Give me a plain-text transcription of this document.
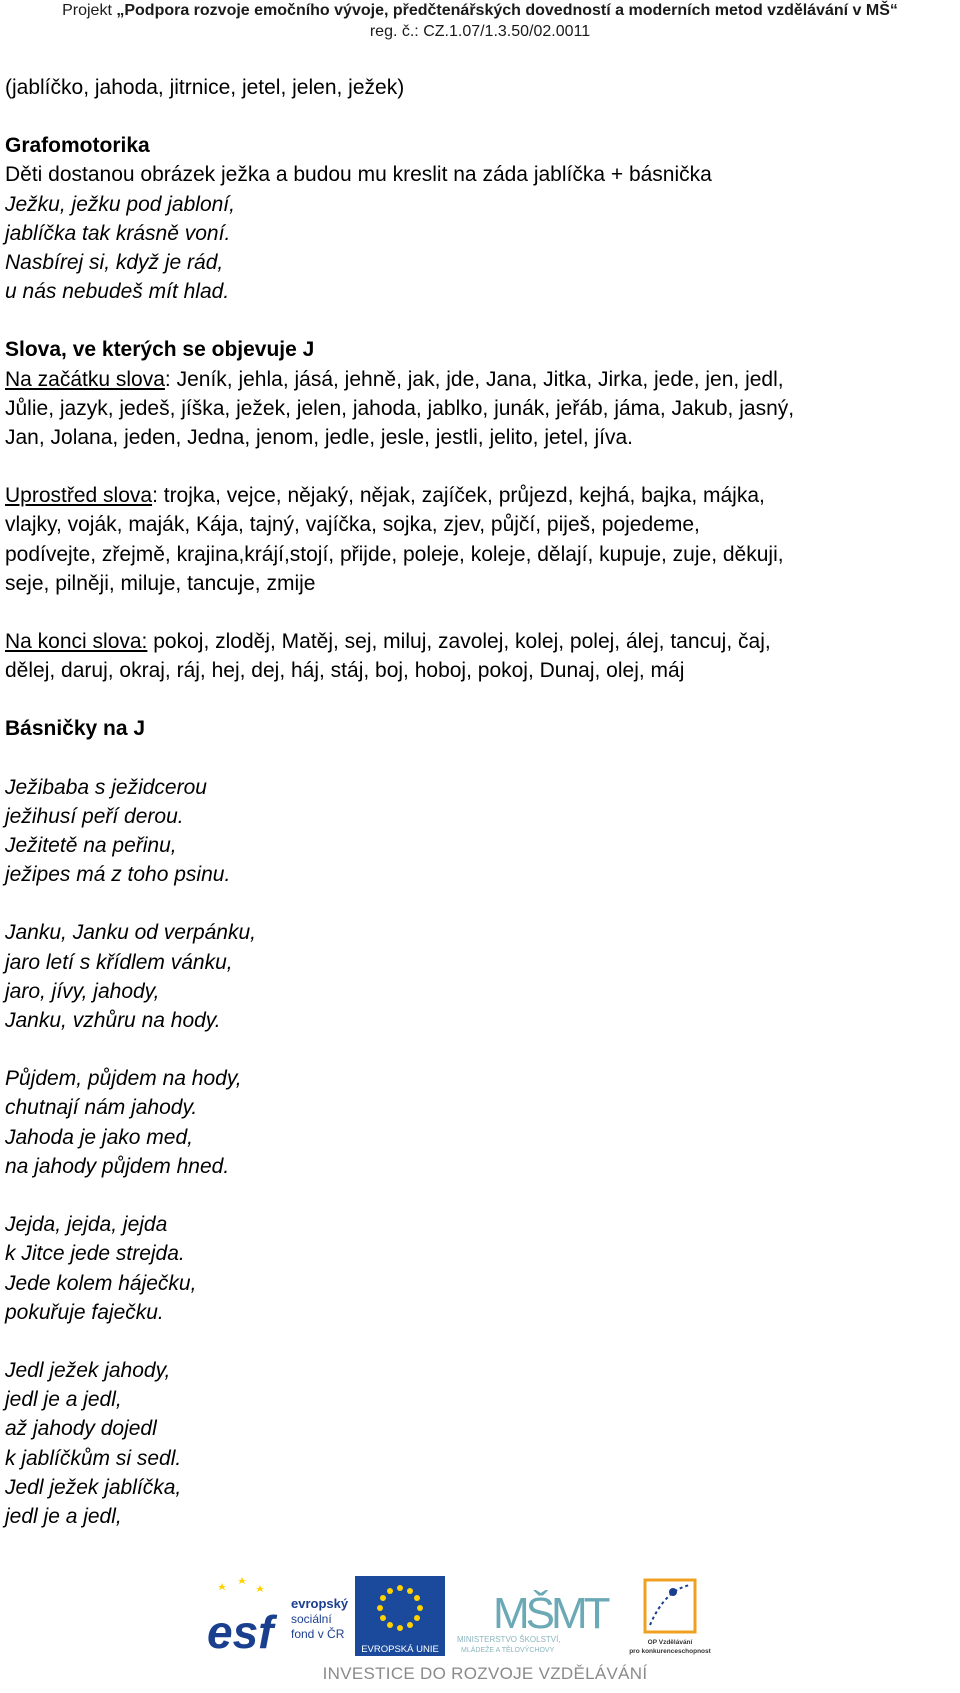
Projekt „Podpora rozvoje emočního vývoje, předčtenářských dovedností a moderních metod vzdělávání v MŠ“
reg. č.: CZ.1.07/1.3.50/02.0011
(jablíčko, jahoda, jitrnice, jetel, jelen, ježek)
Grafomotorika
Děti dostanou obrázek ježka a budou mu kreslit na záda jablíčka + básnička
Ježku, ježku pod jabloní,
jablíčka tak krásně voní.
Nasbírej si, když je rád,
u nás nebudeš mít hlad.
Slova, ve kterých se objevuje J
Na začátku slova: Jeník, jehla, jásá, jehně, jak, jde, Jana, Jitka, Jirka, jede, jen, jedl,
Jůlie, jazyk, jedeš, jíška, ježek, jelen, jahoda, jablko, junák, jeřáb, jáma, Jakub, jasný,
Jan, Jolana, jeden, Jedna, jenom, jedle, jesle, jestli, jelito, jetel, jíva.
Uprostřed slova: trojka, vejce, nějaký, nějak, zajíček, průjezd, kejhá, bajka, májka,
vlajky, voják, maják, Kája, tajný, vajíčka, sojka, zjev, půjčí, piješ, pojedeme,
podívejte, zřejmě, krajina,krájí,stojí, přijde, poleje, koleje, dělají, kupuje, zuje, děkuji,
seje, pilněji, miluje, tancuje, zmije
Na konci slova: pokoj, zloděj, Matěj, sej, miluj, zavolej, kolej, polej, álej, tancuj, čaj,
dělej, daruj, okraj, ráj, hej, dej, háj, stáj, boj, hoboj, pokoj, Dunaj, olej, máj
Básničky na J
Ježibaba s ježidcerou
ježihusí peří derou.
Ježitetě na peřinu,
ježipes má z toho psinu.
Janku, Janku od verpánku,
jaro letí s křídlem vánku,
jaro, jívy, jahody,
Janku, vzhůru na hody.
Půjdem, půjdem na hody,
chutnají nám jahody.
Jahoda je jako med,
na jahody půjdem hned.
Jejda, jejda, jejda
k Jitce jede strejda.
Jede kolem háječku,
pokuřuje faječku.
Jedl ježek jahody,
jedl je a jedl,
až jahody dojedl
k jablíčkům si sedl.
Jedl ježek jablíčka,
jedl je a jedl,
esf
evropský
sociální
fond v ČR
EVROPSKÁ UNIE
MŠMT
MINISTERSTVO ŠKOLSTVÍ,
MLÁDEŽE A TĚLOVÝCHOVY
OP Vzdělávání
pro konkurenceschopnost
INVESTICE DO ROZVOJE VZDĚLÁVÁNÍ
